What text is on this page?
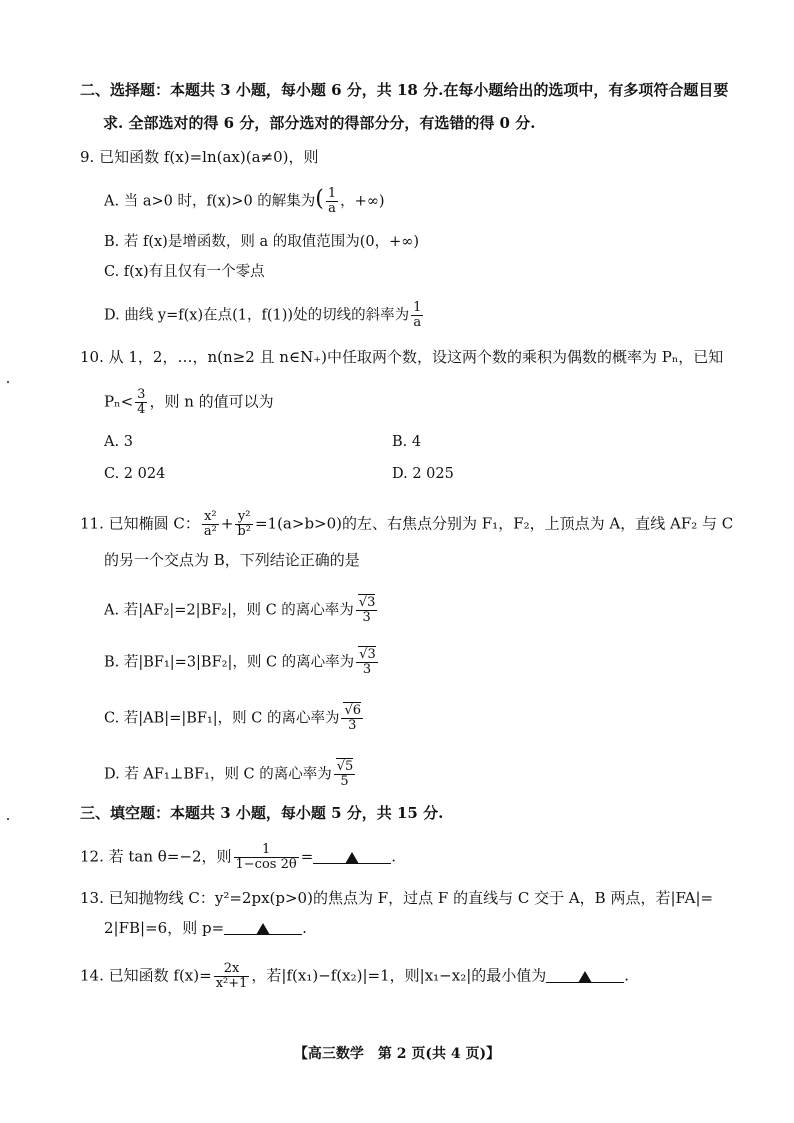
二、选择题：本题共 3 小题，每小题 6 分，共 18 分.在每小题给出的选项中，有多项符合题目要
求. 全部选对的得 6 分，部分选对的得部分分，有选错的得 0 分.
9. 已知函数 f(x)=ln(ax)(a≠0)，则
A. 当 a>0 时，f(x)>0 的解集为( $\frac{1}{a}$ ，+∞)
B. 若 f(x)是增函数，则 a 的取值范围为(0，+∞)
C. f(x)有且仅有一个零点
D. 曲线 y=f(x)在点(1，f(1))处的切线的斜率为 $\frac{1}{a}$
10. 从 1，2，…，n(n≥2 且 n∈N₊)中任取两个数，设这两个数的乘积为偶数的概率为 Pₙ，已知
$P_n< \frac{3}{4}$ ，则 n 的值可以为
A. 3	B. 4
C. 2 024	D. 2 025
11. 已知椭圆 C： $\frac{\text{x²}}{\text{a²}} + \frac{\text{y²}}{\text{b²}} =1(a>b>0)$的左、右焦点分别为 F₁，F₂，上顶点为 A，直线 AF₂ 与 C
的另一个交点为 B，下列结论正确的是
A. 若|AF₂|=2|BF₂|，则 C 的离心率为 $\frac{√3}{3}$
B. 若|BF₁|=3|BF₂|，则 C 的离心率为 $\frac{√3}{3}$
C. 若|AB|=|BF₁|，则 C 的离心率为 $\frac{√6}{3}$
D. 若 AF₁⊥BF₁，则 C 的离心率为 $\frac{√5}{5}$
三、填空题：本题共 3 小题，每小题 5 分，共 15 分.
12. 若 tan θ=−2，则 $\frac{1}{1-\cos 2\theta}$ =	.
13. 已知抛物线 C：y²=2px(p>0)的焦点为 F，过点 F 的直线与 C 交于 A，B 两点，若|FA|=
2|FB|=6，则 p=	.
14. 已知函数 $f(x)= \frac{2x}{\text{x²+1}}$ ，若|f(x₁)−f(x₂)|=1，则|x₁−x₂|的最小值为	.
【高三数学　第 2 页(共 4 页)】
